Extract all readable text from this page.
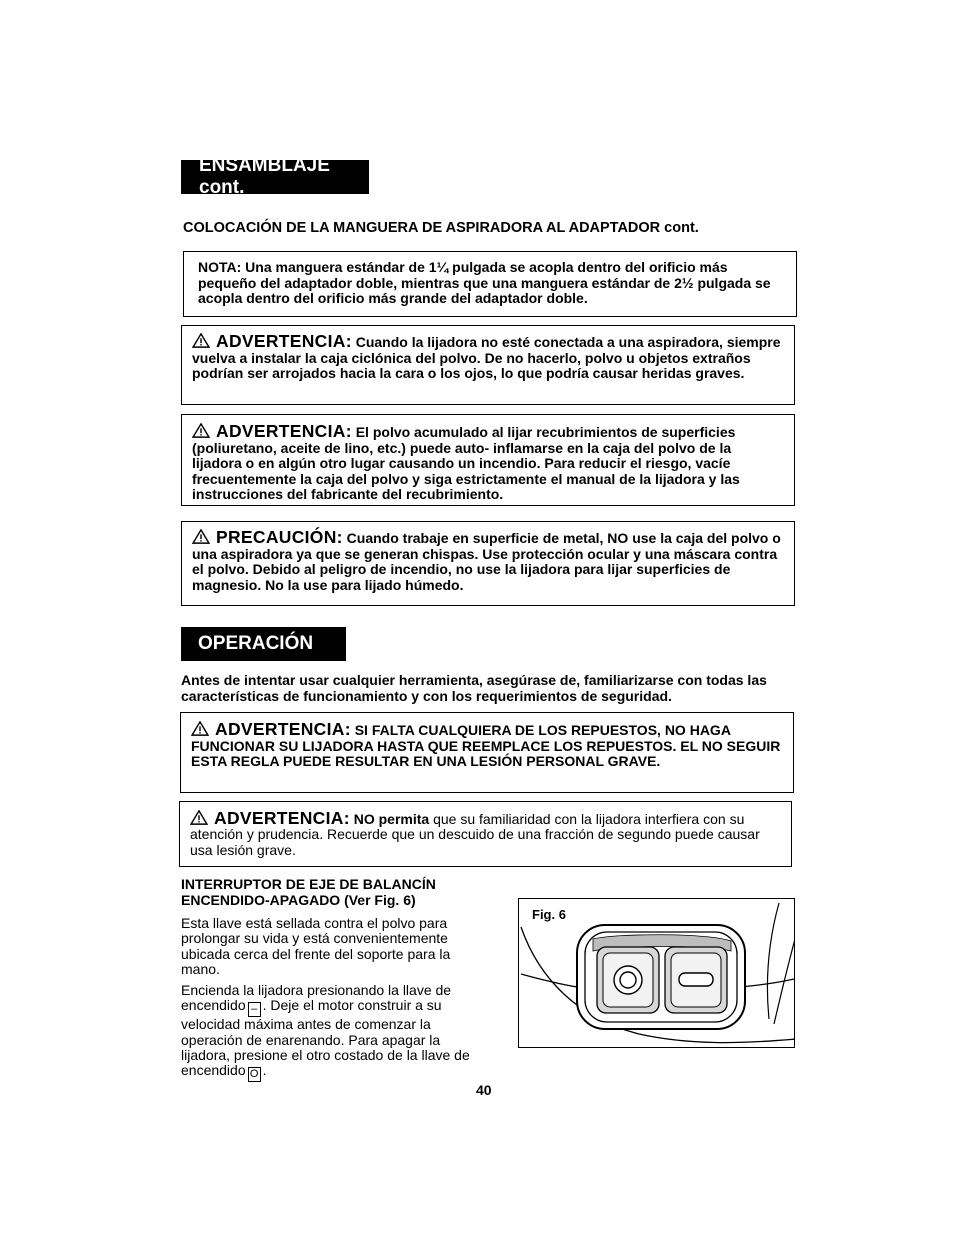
ENSAMBLAJE cont.
COLOCACIÓN DE LA MANGUERA DE ASPIRADORA AL ADAPTADOR cont.
NOTA: Una manguera estándar de 1¼ pulgada se acopla dentro del orificio más pequeño del adaptador doble, mientras que una manguera estándar de 2½ pulgada se acopla dentro del orificio más grande del adaptador doble.
ADVERTENCIA: Cuando la lijadora no esté conectada a una aspiradora, siempre vuelva a instalar la caja ciclónica del polvo. De no hacerlo, polvo u objetos extraños podrían ser arrojados hacia la cara o los ojos, lo que podría causar heridas graves.
ADVERTENCIA: El polvo acumulado al lijar recubrimientos de superficies (poliuretano, aceite de lino, etc.) puede auto- inflamarse en la caja del polvo de la lijadora o en algún otro lugar causando un incendio. Para reducir el riesgo, vacíe frecuentemente la caja del polvo y siga estrictamente el manual de la lijadora y las instrucciones del fabricante del recubrimiento.
PRECAUCIÓN: Cuando trabaje en superficie de metal, NO use la caja del polvo o una aspiradora ya que se generan chispas. Use protección ocular y una máscara contra el polvo. Debido al peligro de incendio, no use la lijadora para lijar superficies de magnesio. No la use para lijado húmedo.
OPERACIÓN
Antes de intentar usar cualquier herramienta, asegúrase de, familiarizarse con todas las características de funcionamiento y con los requerimientos de seguridad.
ADVERTENCIA: SI FALTA CUALQUIERA DE LOS REPUESTOS, NO HAGA FUNCIONAR SU LIJADORA HASTA QUE REEMPLACE LOS REPUESTOS. EL NO SEGUIR ESTA REGLA PUEDE RESULTAR EN UNA LESIÓN PERSONAL GRAVE.
ADVERTENCIA: NO permita que su familiaridad con la lijadora interfiera con su atención y prudencia. Recuerde que un descuido de una fracción de segundo puede causar usa lesión grave.
INTERRUPTOR DE EJE DE BALANCÍN ENCENDIDO-APAGADO (Ver Fig. 6)
Esta llave está sellada contra el polvo para prolongar su vida y está convenientemente ubicada cerca del frente del soporte para la mano.
Encienda la lijadora presionando la llave de encendido – . Deje el motor construir a su velocidad máxima antes de comenzar la operación de enarenando. Para apagar la lijadora, presione el otro costado de la llave de encendido O .
Fig. 6
40
